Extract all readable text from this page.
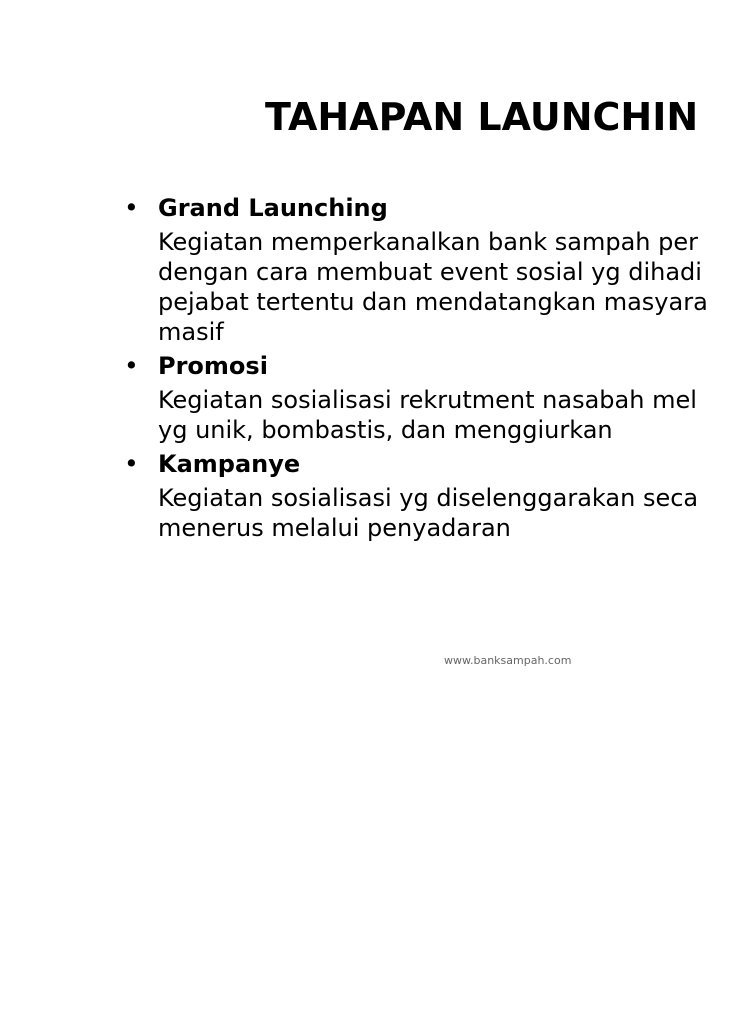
TAHAPAN LAUNCHIN
• Grand Launching
Kegiatan memperkanalkan bank sampah per
dengan cara membuat event sosial yg dihadi
pejabat tertentu dan mendatangkan masyara
masif
• Promosi
Kegiatan sosialisasi rekrutment nasabah mel
yg unik, bombastis, dan menggiurkan
• Kampanye
Kegiatan sosialisasi yg diselenggarakan seca
menerus melalui penyadaran
www.banksampah.com
